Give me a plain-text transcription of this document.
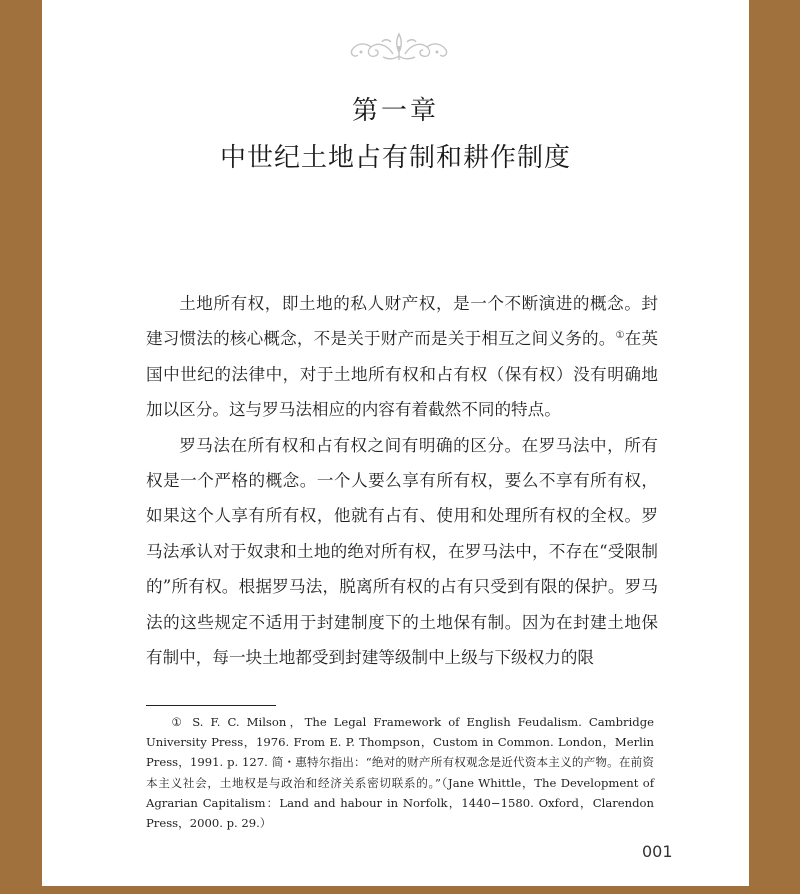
第一章
中世纪土地占有制和耕作制度

土地所有权，即土地的私人财产权，是一个不断演进的概念。封建习惯法的核心概念，不是关于财产而是关于相互之间义务的。①在英国中世纪的法律中，对于土地所有权和占有权（保有权）没有明确地加以区分。这与罗马法相应的内容有着截然不同的特点。

罗马法在所有权和占有权之间有明确的区分。在罗马法中，所有权是一个严格的概念。一个人要么享有所有权，要么不享有所有权，如果这个人享有所有权，他就有占有、使用和处理所有权的全权。罗马法承认对于奴隶和土地的绝对所有权，在罗马法中，不存在“受限制的”所有权。根据罗马法，脱离所有权的占有只受到有限的保护。罗马法的这些规定不适用于封建制度下的土地保有制。因为在封建土地保有制中，每一块土地都受到封建等级制中上级与下级权力的限

① S. F. C. Milson，The Legal Framework of English Feudalism. Cambridge University Press，1976. From E. P. Thompson，Custom in Common. London，Merlin Press，1991. p. 127. 简・惠特尔指出：“绝对的财产所有权观念是近代资本主义的产物。在前资本主义社会，土地权是与政治和经济关系密切联系的。”（Jane Whittle，The Development of Agrarian Capitalism：Land and habour in Norfolk，1440−1580. Oxford，Clarendon Press，2000. p. 29.）

001
